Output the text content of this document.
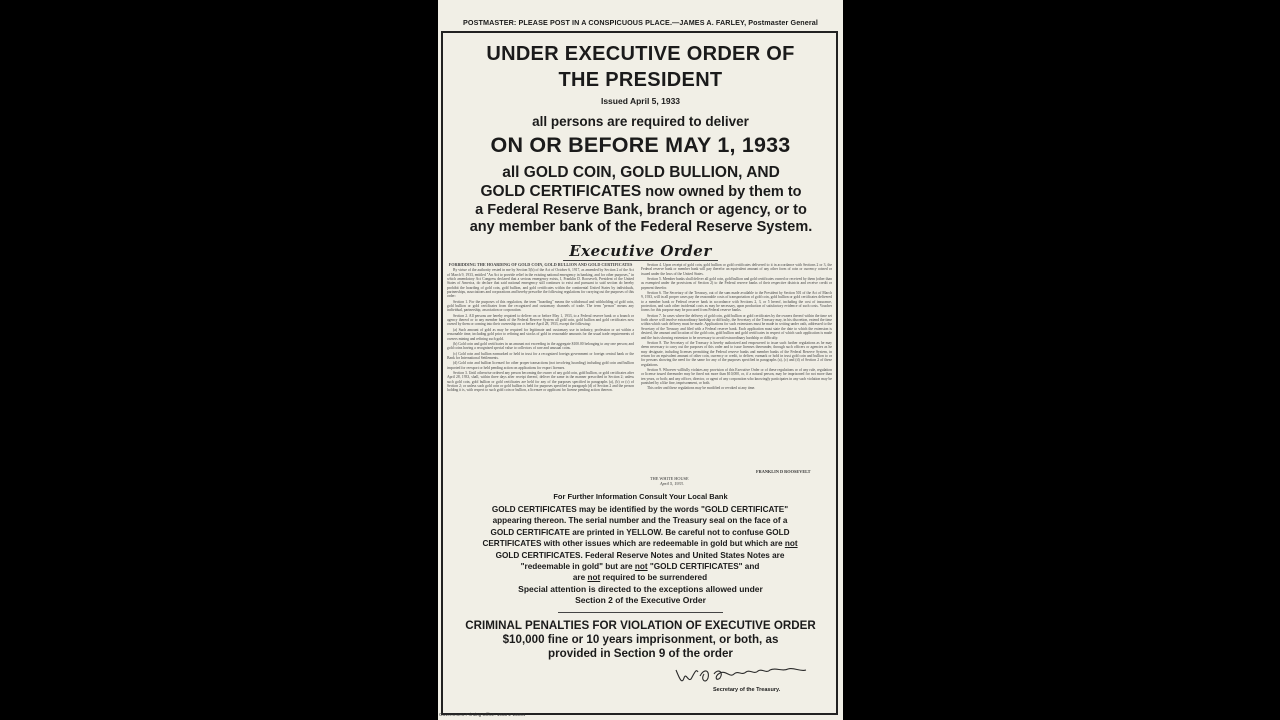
POSTMASTER: PLEASE POST IN A CONSPICUOUS PLACE.—JAMES A. FARLEY, Postmaster General
UNDER EXECUTIVE ORDER OF
THE PRESIDENT
Issued April 5, 1933
all persons are required to deliver
ON OR BEFORE MAY 1, 1933
all GOLD COIN, GOLD BULLION, AND
GOLD CERTIFICATES now owned by them to
a Federal Reserve Bank, branch or agency, or to
any member bank of the Federal Reserve System.
Executive Order

FORBIDDING THE HOARDING OF GOLD COIN, GOLD BULLION AND GOLD CERTIFICATES

By virtue of the authority vested in me by Section 5(b) of the Act of October 6, 1917, as amended by Section 2 of the Act of March 9, 1933, entitled "An Act to provide relief in the existing national emergency in banking, and for other purposes," in which amendatory Act Congress declared that a serious emergency exists, I, Franklin D. Roosevelt, President of the United States of America, do declare that said national emergency still continues to exist and pursuant to said section do hereby prohibit the hoarding of gold coin, gold bullion, and gold certificates within the continental United States by individuals, partnerships, associations and corporations and hereby prescribe the following regulations for carrying out the purposes of this order:

Section 1. For the purposes of this regulation, the term "hoarding" means the withdrawal and withholding of gold coin, gold bullion or gold certificates from the recognized and customary channels of trade. The term "person" means any individual, partnership, association or corporation.

Section 2. All persons are hereby required to deliver on or before May 1, 1933, to a Federal reserve bank or a branch or agency thereof or to any member bank of the Federal Reserve System all gold coin, gold bullion and gold certificates now owned by them or coming into their ownership on or before April 28, 1933, except the following:

(a) Such amount of gold as may be required for legitimate and customary use in industry, profession or art within a reasonable time, including gold prior to refining and stocks of gold in reasonable amounts for the usual trade requirements of owners mining and refining such gold.

(b) Gold coin and gold certificates in an amount not exceeding in the aggregate $100.00 belonging to any one person; and gold coins having a recognized special value to collectors of rare and unusual coins.

(c) Gold coin and bullion earmarked or held in trust for a recognized foreign government or foreign central bank or the Bank for International Settlements.

(d) Gold coin and bullion licensed for other proper transactions (not involving hoarding) including gold coin and bullion imported for reexport or held pending action on applications for export licenses.

Section 3. Until otherwise ordered any person becoming the owner of any gold coin, gold bullion, or gold certificates after April 28, 1933, shall, within three days after receipt thereof, deliver the same in the manner prescribed in Section 2; unless such gold coin, gold bullion or gold certificates are held for any of the purposes specified in paragraphs (a), (b) or (c) of Section 2; or unless such gold coin or gold bullion is held for purposes specified in paragraph (d) of Section 2 and the person holding it is, with respect to such gold coin or bullion, a licensee or applicant for license pending action thereon.

Section 4. Upon receipt of gold coin, gold bullion or gold certificates delivered to it in accordance with Sections 2 or 3, the Federal reserve bank or member bank will pay therefor an equivalent amount of any other form of coin or currency coined or issued under the laws of the United States.

Section 5. Member banks shall deliver all gold coin, gold bullion and gold certificates owned or received by them (other than as exempted under the provisions of Section 2) to the Federal reserve banks of their respective districts and receive credit or payment therefor.

Section 6. The Secretary of the Treasury, out of the sum made available to the President by Section 501 of the Act of March 9, 1933, will in all proper cases pay the reasonable costs of transportation of gold coin, gold bullion or gold certificates delivered to a member bank or Federal reserve bank in accordance with Sections 2, 3, or 5 hereof, including the cost of insurance, protection, and such other incidental costs as may be necessary, upon production of satisfactory evidence of such costs. Voucher forms for this purpose may be procured from Federal reserve banks.

Section 7. In cases where the delivery of gold coin, gold bullion or gold certificates by the owners thereof within the time set forth above will involve extraordinary hardship or difficulty, the Secretary of the Treasury may, in his discretion, extend the time within which such delivery must be made. Applications for such extensions must be made in writing under oath, addressed to the Secretary of the Treasury and filed with a Federal reserve bank. Each application must state the date to which the extension is desired, the amount and location of the gold coin, gold bullion and gold certificates in respect of which such application is made and the facts showing extension to be necessary to avoid extraordinary hardship or difficulty.

Section 8. The Secretary of the Treasury is hereby authorized and empowered to issue such further regulations as he may deem necessary to carry out the purposes of this order and to issue licenses thereunder, through such officers or agencies as he may designate, including licenses permitting the Federal reserve banks and member banks of the Federal Reserve System, in return for an equivalent amount of other coin, currency or credit, to deliver, earmark or hold in trust gold coin and bullion to or for persons showing the need for the same for any of the purposes specified in paragraphs (a), (c) and (d) of Section 2 of these regulations.

Section 9. Whoever willfully violates any provision of this Executive Order or of these regulations or of any rule, regulation or license issued thereunder may be fined not more than $10,000, or, if a natural person, may be imprisoned for not more than ten years, or both; and any officer, director, or agent of any corporation who knowingly participates in any such violation may be punished by a like fine, imprisonment, or both.

This order and these regulations may be modified or revoked at any time.

THE WHITE HOUSE
April 5, 1933.
FRANKLIN D ROOSEVELT
For Further Information Consult Your Local Bank
GOLD CERTIFICATES may be identified by the words "GOLD CERTIFICATE"
appearing thereon. The serial number and the Treasury seal on the face of a
GOLD CERTIFICATE are printed in YELLOW. Be careful not to confuse GOLD
CERTIFICATES with other issues which are redeemable in gold but which are not
GOLD CERTIFICATES. Federal Reserve Notes and United States Notes are
"redeemable in gold" but are not "GOLD CERTIFICATES" and
are not required to be surrendered
Special attention is directed to the exceptions allowed under
Section 2 of the Executive Order
CRIMINAL PENALTIES FOR VIOLATION OF EXECUTIVE ORDER
$10,000 fine or 10 years imprisonment, or both, as
provided in Section 9 of the order
Secretary of the Treasury.
Government Printing Office: 1933 2-16064
